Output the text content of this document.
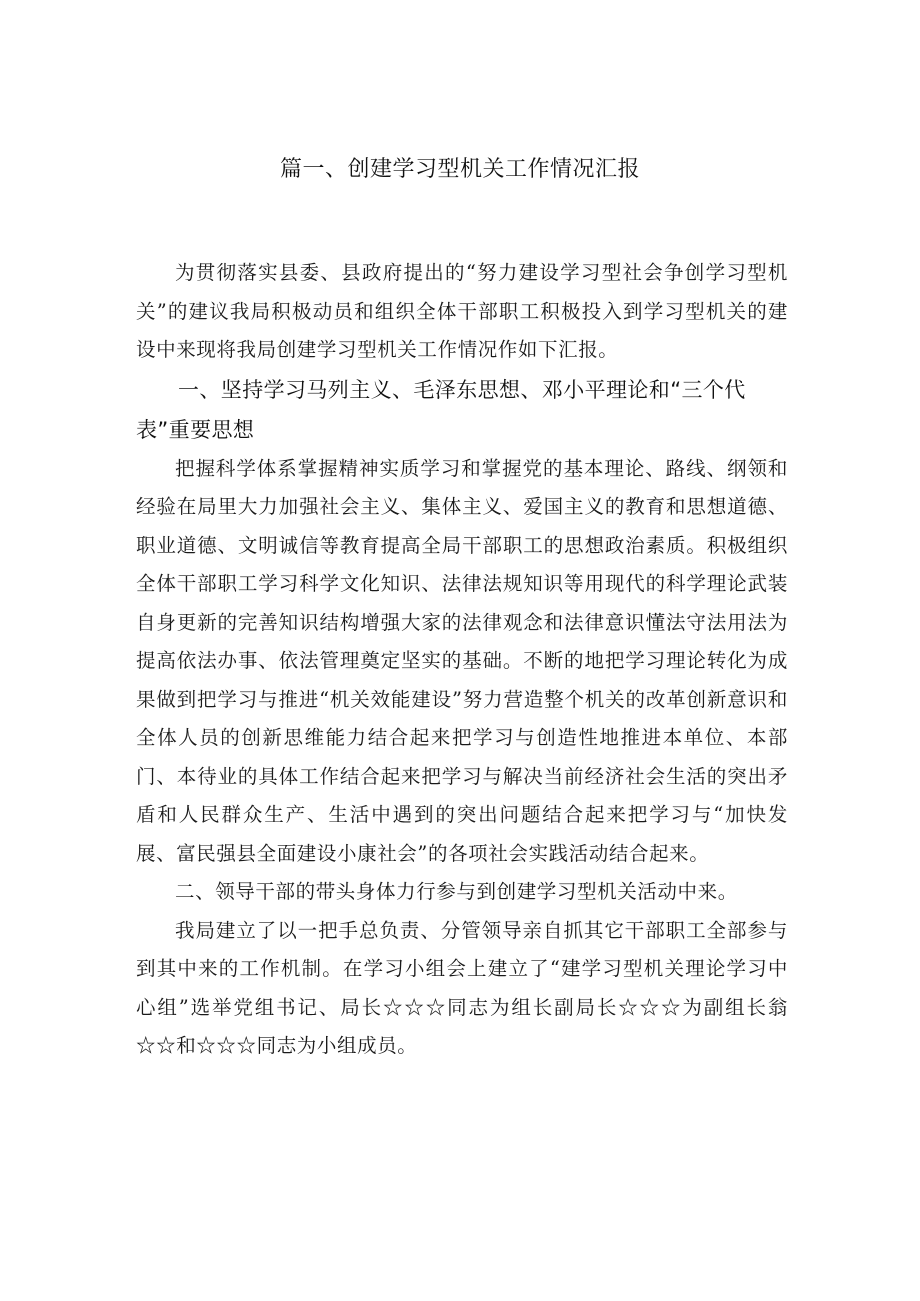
篇一、创建学习型机关工作情况汇报

为贯彻落实县委、县政府提出的“努力建设学习型社会争创学习型机关”的建议我局积极动员和组织全体干部职工积极投入到学习型机关的建设中来现将我局创建学习型机关工作情况作如下汇报。

一、坚持学习马列主义、毛泽东思想、邓小平理论和“三个代表”重要思想

把握科学体系掌握精神实质学习和掌握党的基本理论、路线、纲领和经验在局里大力加强社会主义、集体主义、爱国主义的教育和思想道德、职业道德、文明诚信等教育提高全局干部职工的思想政治素质。积极组织全体干部职工学习科学文化知识、法律法规知识等用现代的科学理论武装自身更新的完善知识结构增强大家的法律观念和法律意识懂法守法用法为提高依法办事、依法管理奠定坚实的基础。不断的地把学习理论转化为成果做到把学习与推进“机关效能建设”努力营造整个机关的改革创新意识和全体人员的创新思维能力结合起来把学习与创造性地推进本单位、本部门、本待业的具体工作结合起来把学习与解决当前经济社会生活的突出矛盾和人民群众生产、生活中遇到的突出问题结合起来把学习与“加快发展、富民强县全面建设小康社会”的各项社会实践活动结合起来。

二、领导干部的带头身体力行参与到创建学习型机关活动中来。

我局建立了以一把手总负责、分管领导亲自抓其它干部职工全部参与到其中来的工作机制。在学习小组会上建立了“建学习型机关理论学习中心组”选举党组书记、局长☆☆☆同志为组长副局长☆☆☆为副组长翁☆☆和☆☆☆同志为小组成员。
